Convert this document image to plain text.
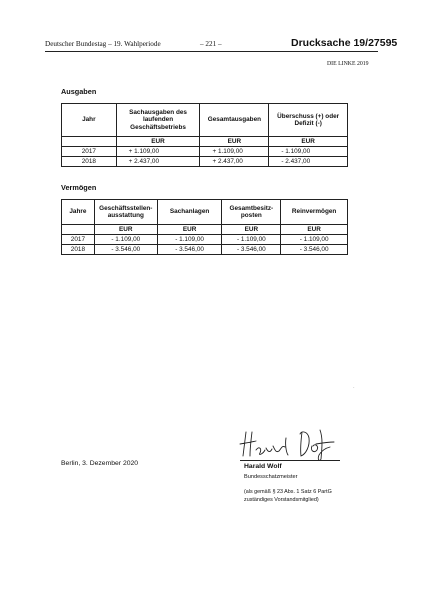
Deutscher Bundestag – 19. Wahlperiode	– 221 –	Drucksache 19/27595
DIE LINKE 2019
Ausgaben
Jahr	Sachausgaben des laufenden Geschäftsbetriebs	Gesamtausgaben	Überschuss (+) oder Defizit (-)
	EUR	EUR	EUR
2017	+ 1.109,00	+ 1.109,00	- 1.109,00
2018	+ 2.437,00	+ 2.437,00	- 2.437,00
Vermögen
Jahre	Geschäftsstellen-ausstattung	Sachanlagen	Gesamtbesitz-posten	Reinvermögen
	EUR	EUR	EUR	EUR
2017	- 1.109,00	- 1.109,00	- 1.109,00	- 1.109,00
2018	- 3.546,00	- 3.546,00	- 3.546,00	- 3.546,00
·
Berlin, 3. Dezember 2020	Harald Wolf
Bundesschatzmeister
(als gemäß § 23 Abs. 1 Satz 6 PartG
zuständiges Vorstandsmitglied)
